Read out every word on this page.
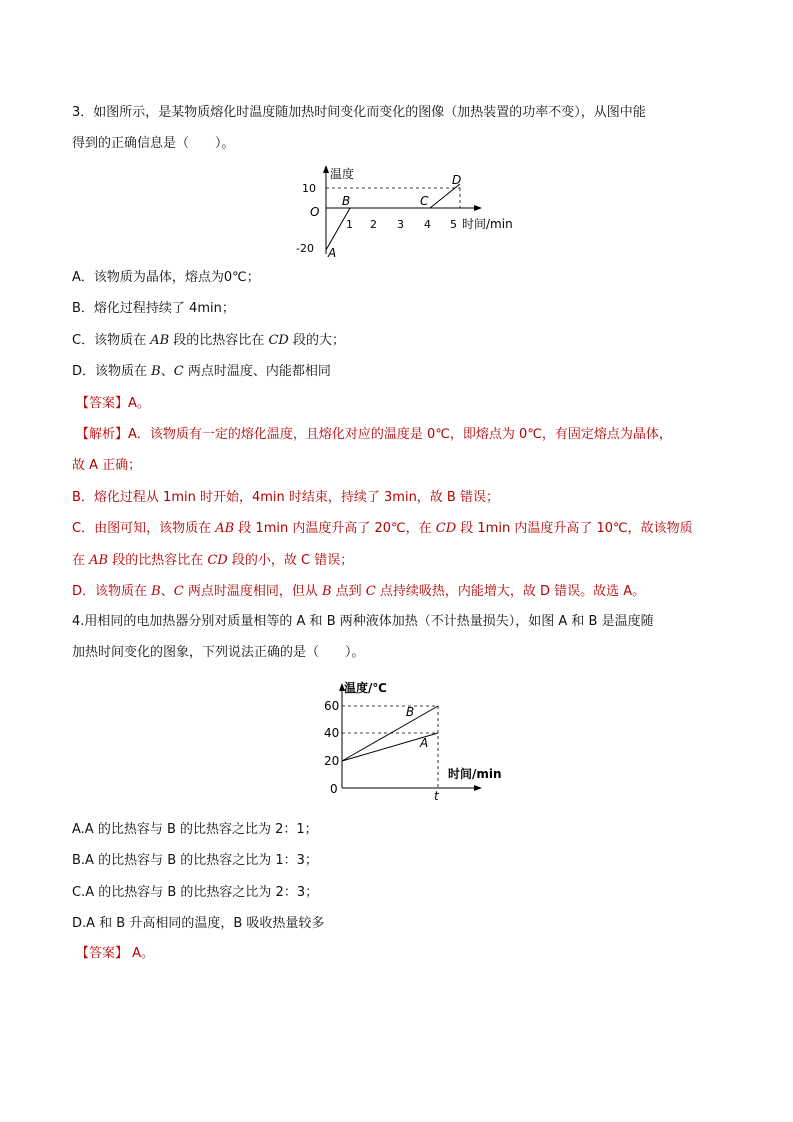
3．如图所示，是某物质熔化时温度随加热时间变化而变化的图像（加热装置的功率不变），从图中能
得到的正确信息是（　　）。
温度
10
O
-20
1 2 3 4 5 时间/min
A
B	C
D
A．该物质为晶体，熔点为0℃；
B．熔化过程持续了 4min；
C．该物质在 AB 段的比热容比在 CD 段的大；
D．该物质在 B、C 两点时温度、内能都相同
【答案】A。
【解析】A．该物质有一定的熔化温度，且熔化对应的温度是 0℃，即熔点为 0℃，有固定熔点为晶体，
故 A 正确；
B．熔化过程从 1min 时开始，4min 时结束，持续了 3min，故 B 错误；
C．由图可知，该物质在 AB 段 1min 内温度升高了 20℃，在 CD 段 1min 内温度升高了 10℃，故该物质
在 AB 段的比热容比在 CD 段的小，故 C 错误；
D．该物质在 B、C 两点时温度相同，但从 B 点到 C 点持续吸热，内能增大，故 D 错误。故选 A。
4.用相同的电加热器分别对质量相等的 A 和 B 两种液体加热（不计热量损失），如图 A 和 B 是温度随
加热时间变化的图象，下列说法正确的是（　　）。
温度/℃
60
40
20
0
时间/min
t
B
A
A.A 的比热容与 B 的比热容之比为 2：1；
B.A 的比热容与 B 的比热容之比为 1：3；
C.A 的比热容与 B 的比热容之比为 2：3；
D.A 和 B 升高相同的温度，B 吸收热量较多
【答案】 A。
